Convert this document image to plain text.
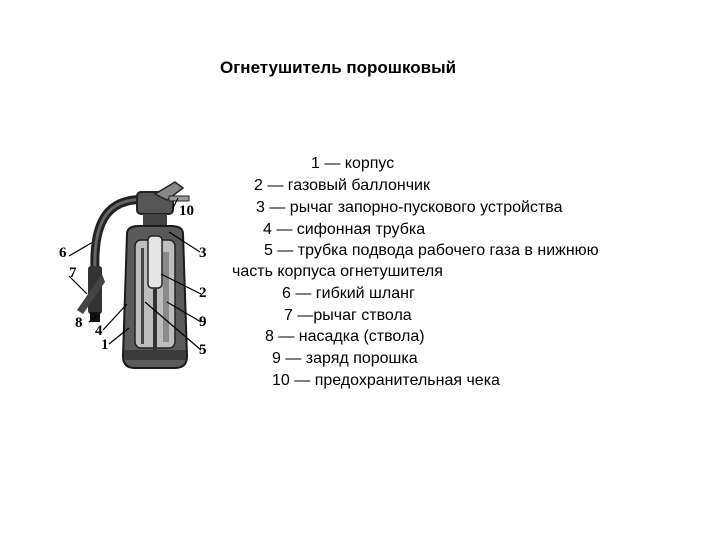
Огнетушитель порошковый
1 — корпус
2 — газовый баллончик
3 — рычаг запорно-пускового устройства
4 — сифонная трубка
5 — трубка подвода рабочего газа в нижнюю
часть корпуса огнетушителя
6 — гибкий шланг
7 —рычаг ствола
8 — насадка (ствола)
9 — заряд порошка
10 — предохранительная чека
10
3
2
9
5
6
7
8 4
1
